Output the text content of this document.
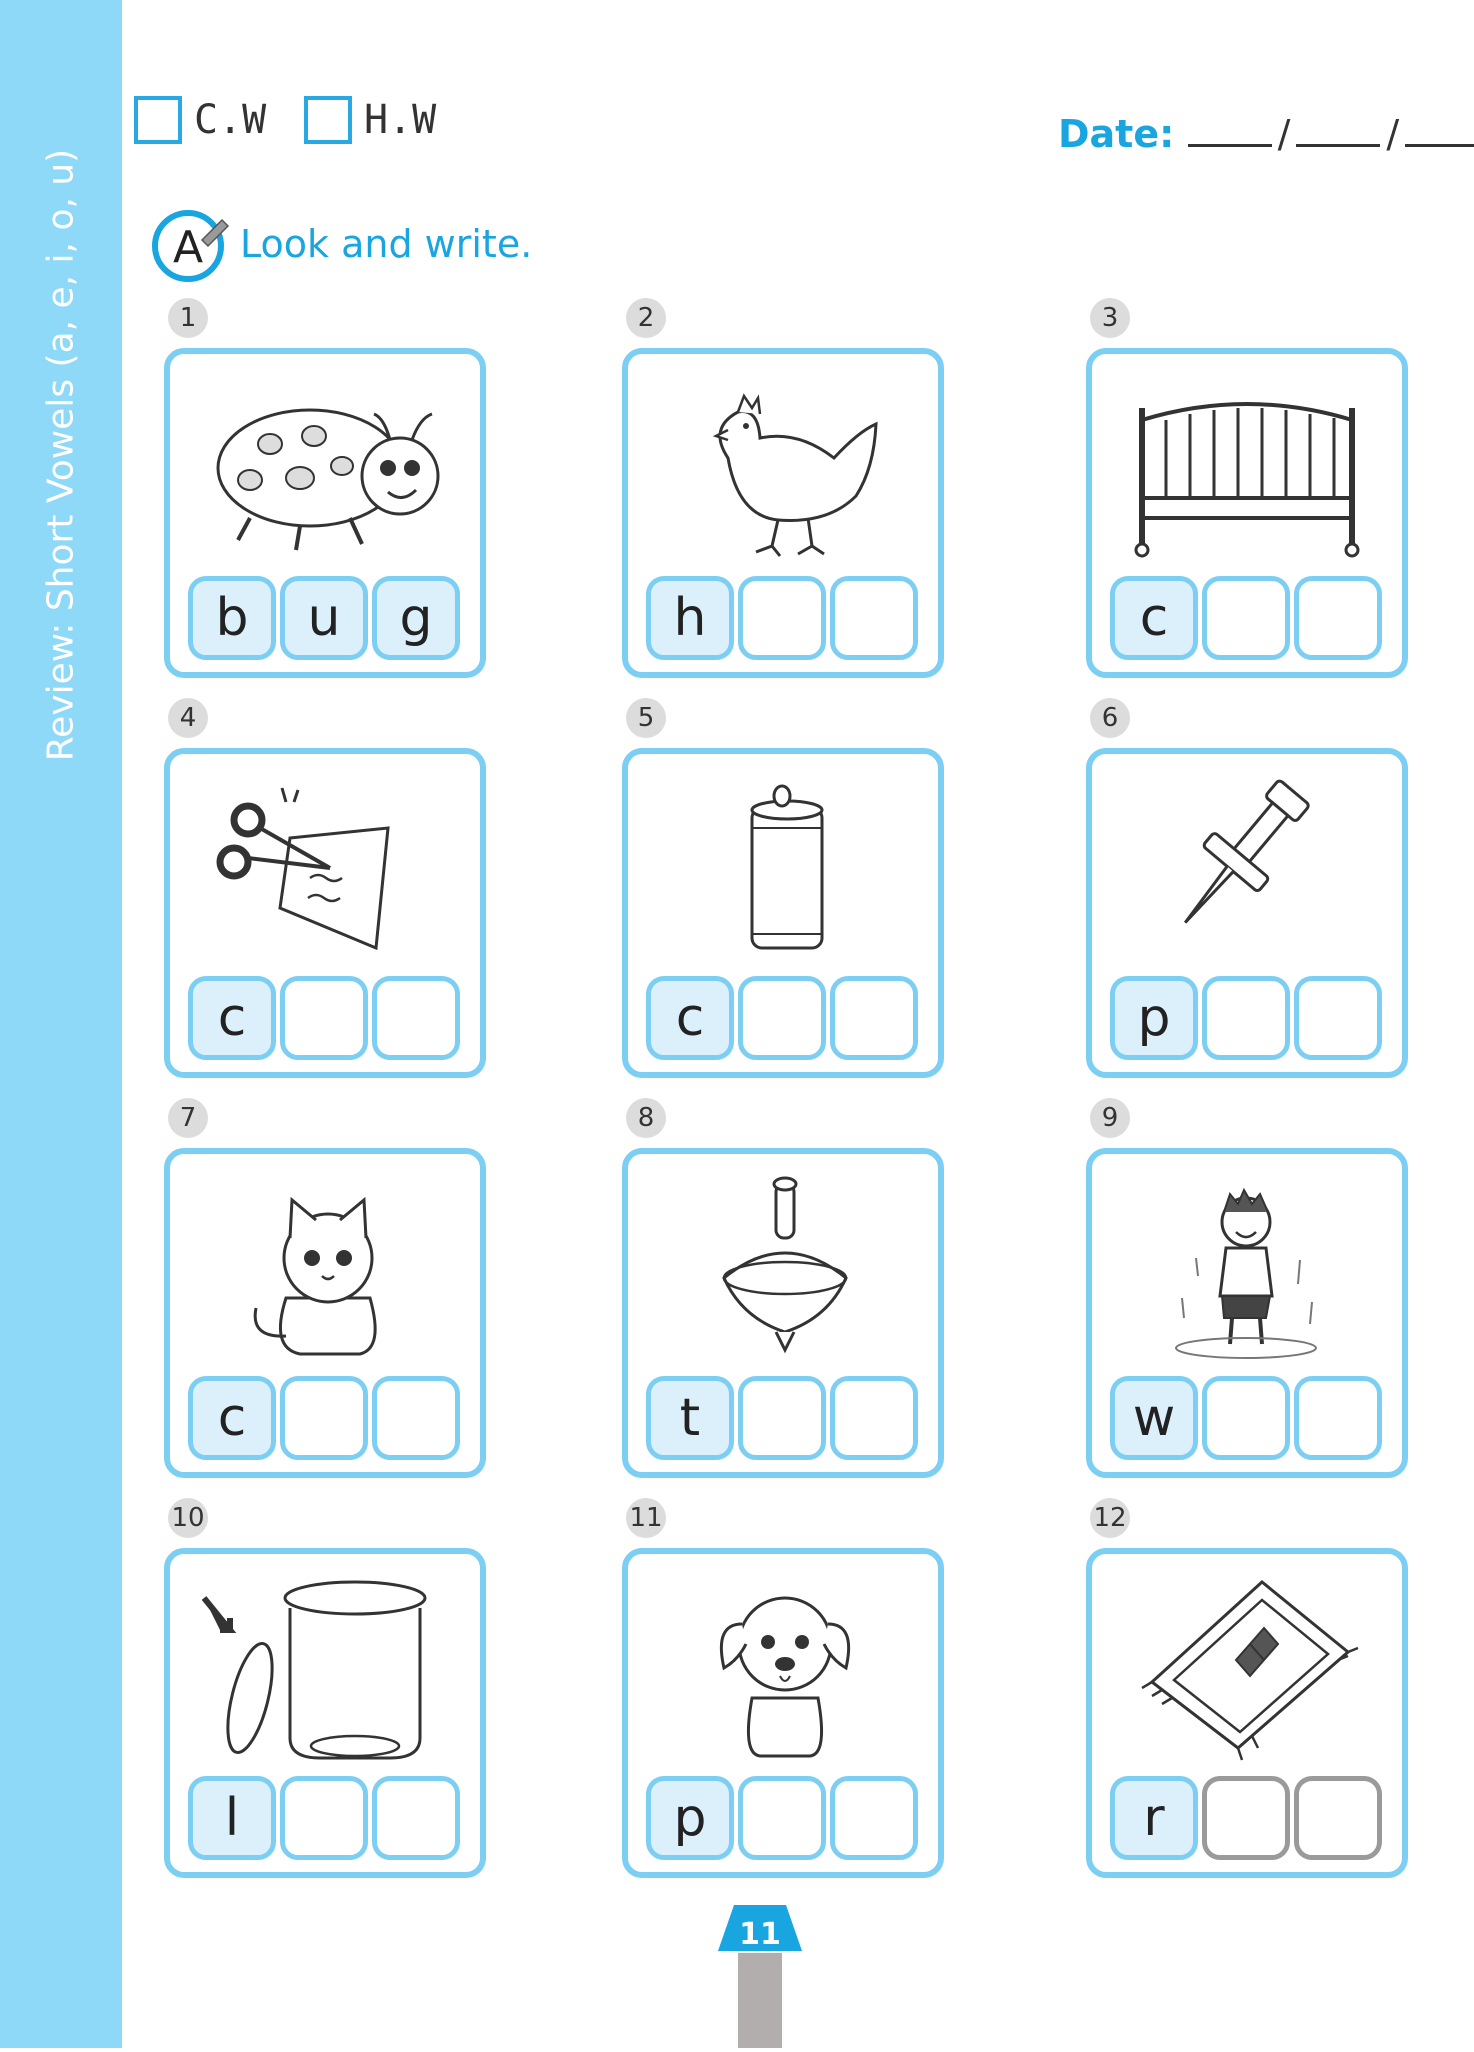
Review: Short Vowels (a, e, i, o, u)
C.W H.W	Date:	/	/
A Look and write.
1	2	3
b	u	g	h	c
4	5	6
c	c	p
7	8	9
c	t	w
10	11	12
l	p	r
11
